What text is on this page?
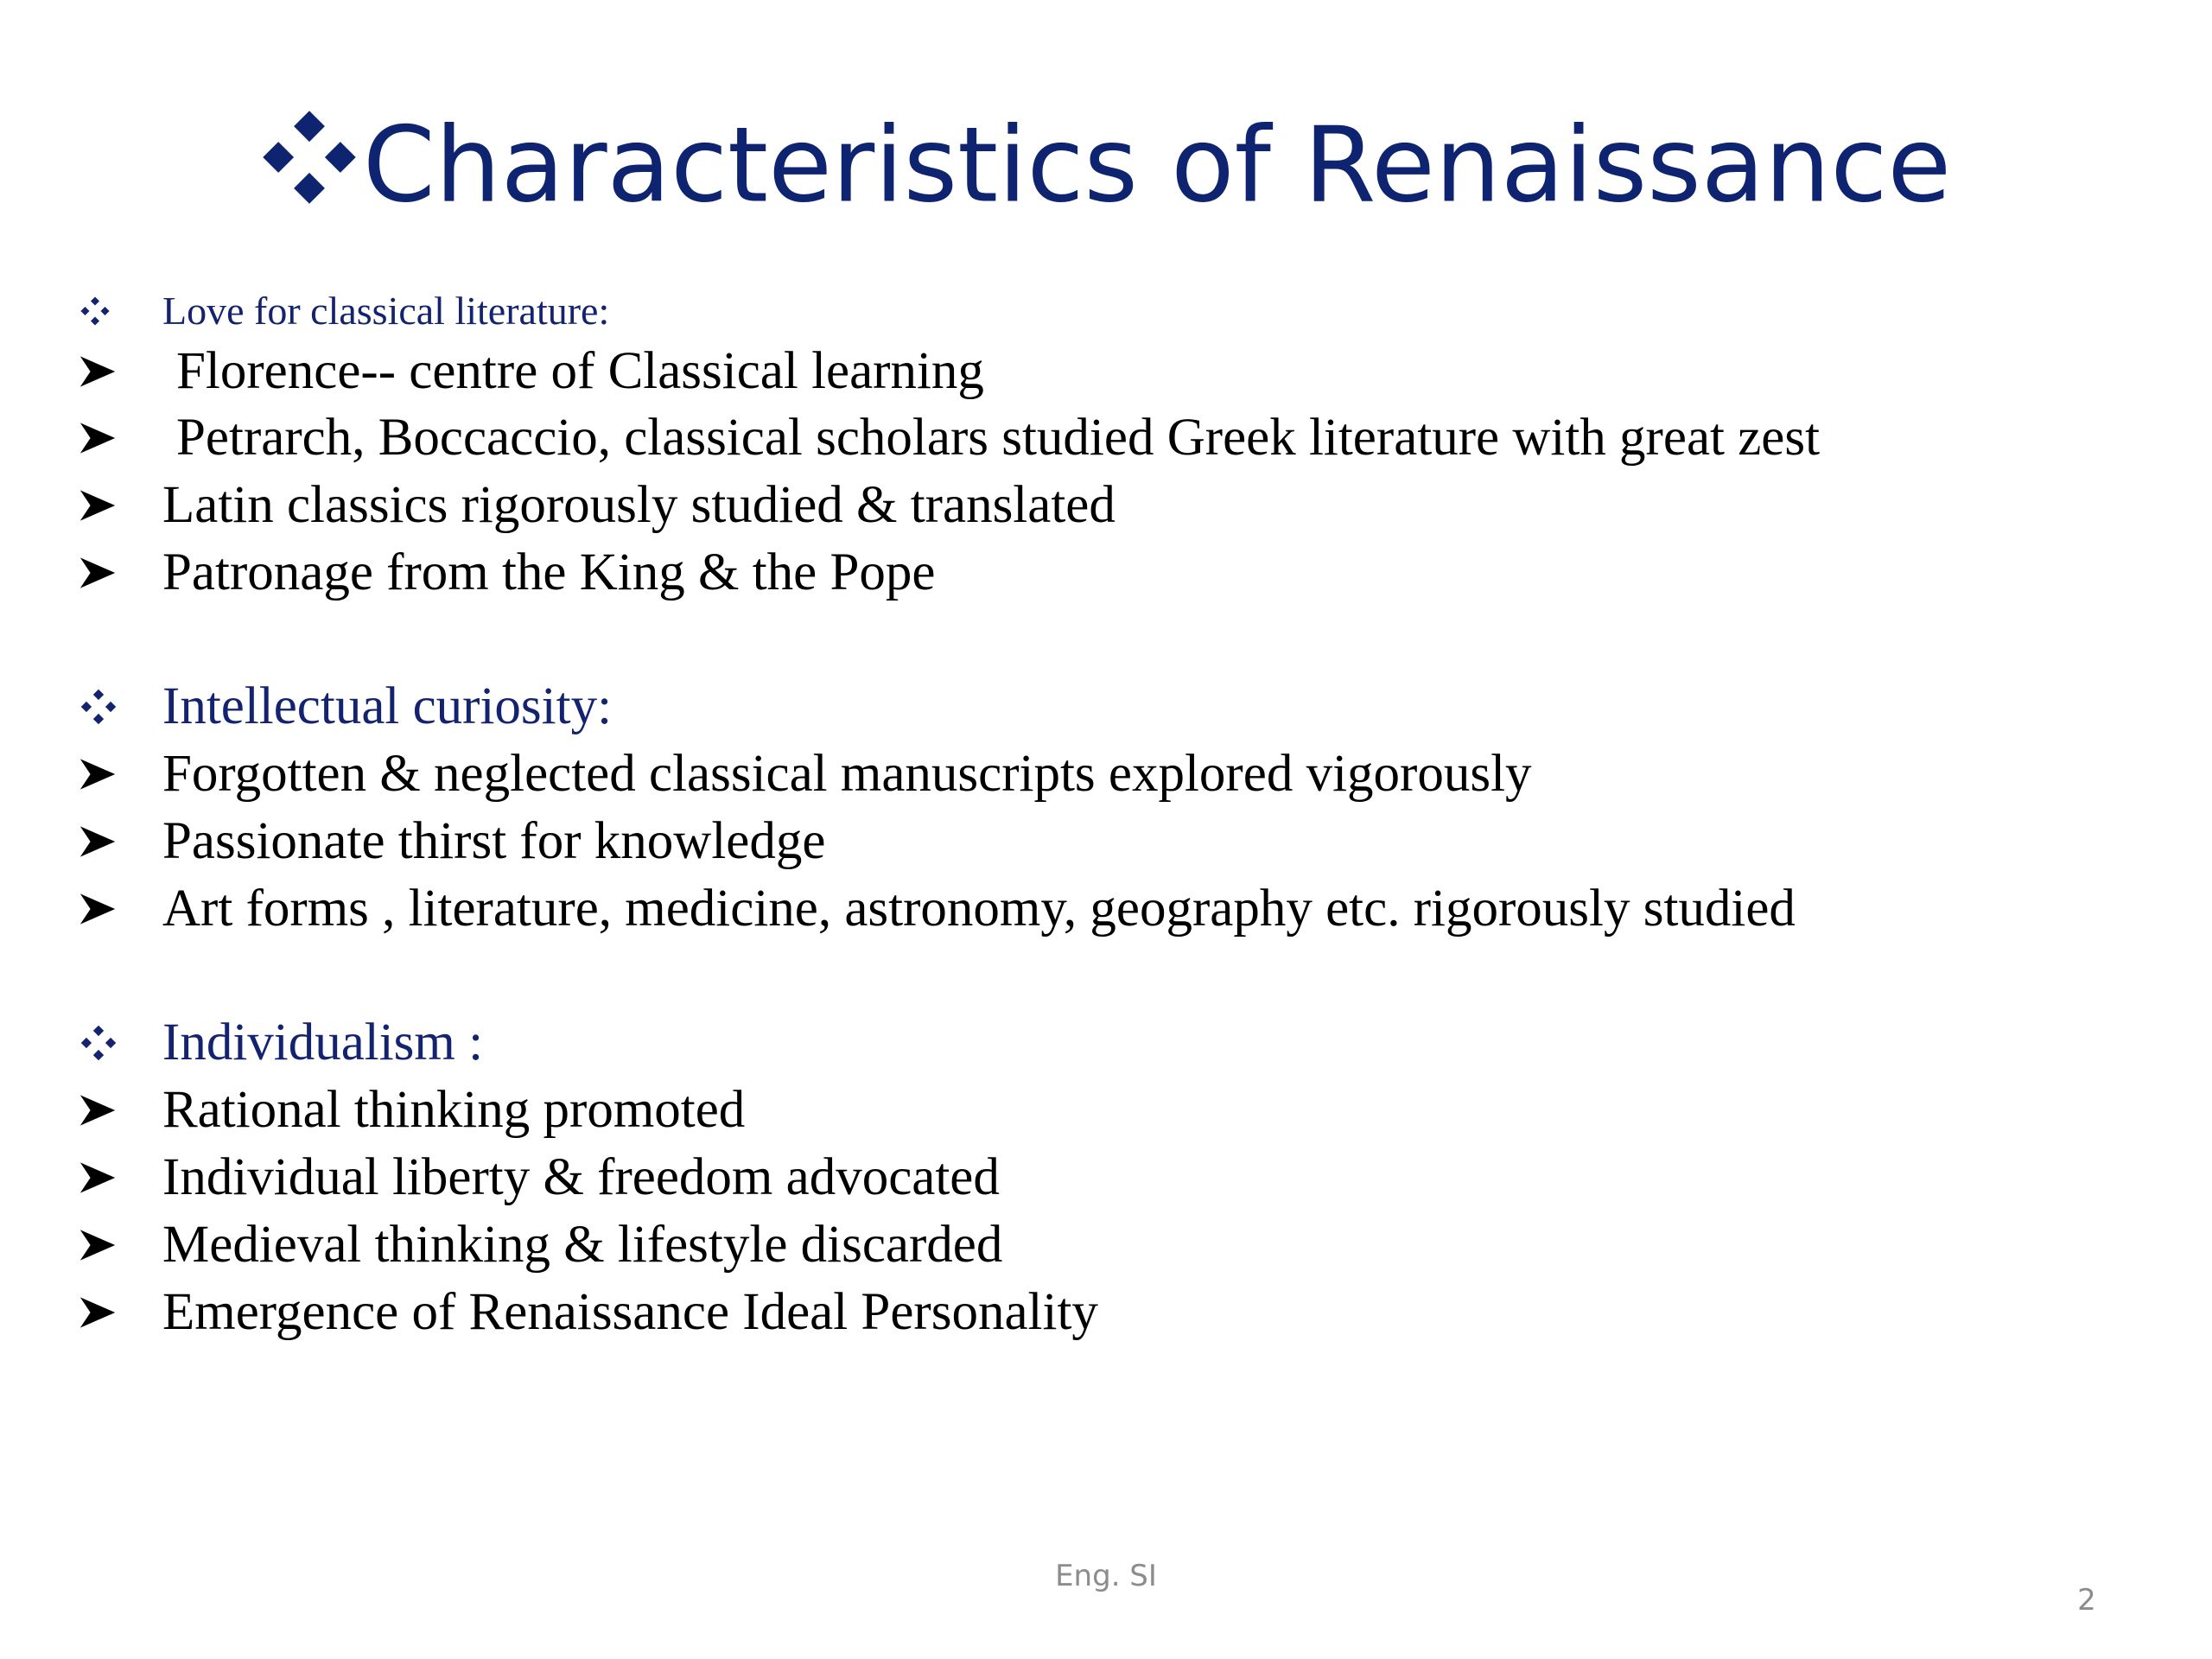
Characteristics of Renaissance
Love for classical literature:
Florence-- centre of Classical learning
Petrarch, Boccaccio, classical scholars studied Greek literature with great zest
Latin classics rigorously studied & translated
Patronage from the King & the Pope
Intellectual curiosity:
Forgotten & neglected classical manuscripts explored vigorously
Passionate thirst for knowledge
Art forms , literature, medicine, astronomy, geography etc. rigorously studied
Individualism :
Rational thinking promoted
Individual liberty & freedom advocated
Medieval thinking & lifestyle discarded
Emergence of Renaissance Ideal Personality
Eng. SI
2
